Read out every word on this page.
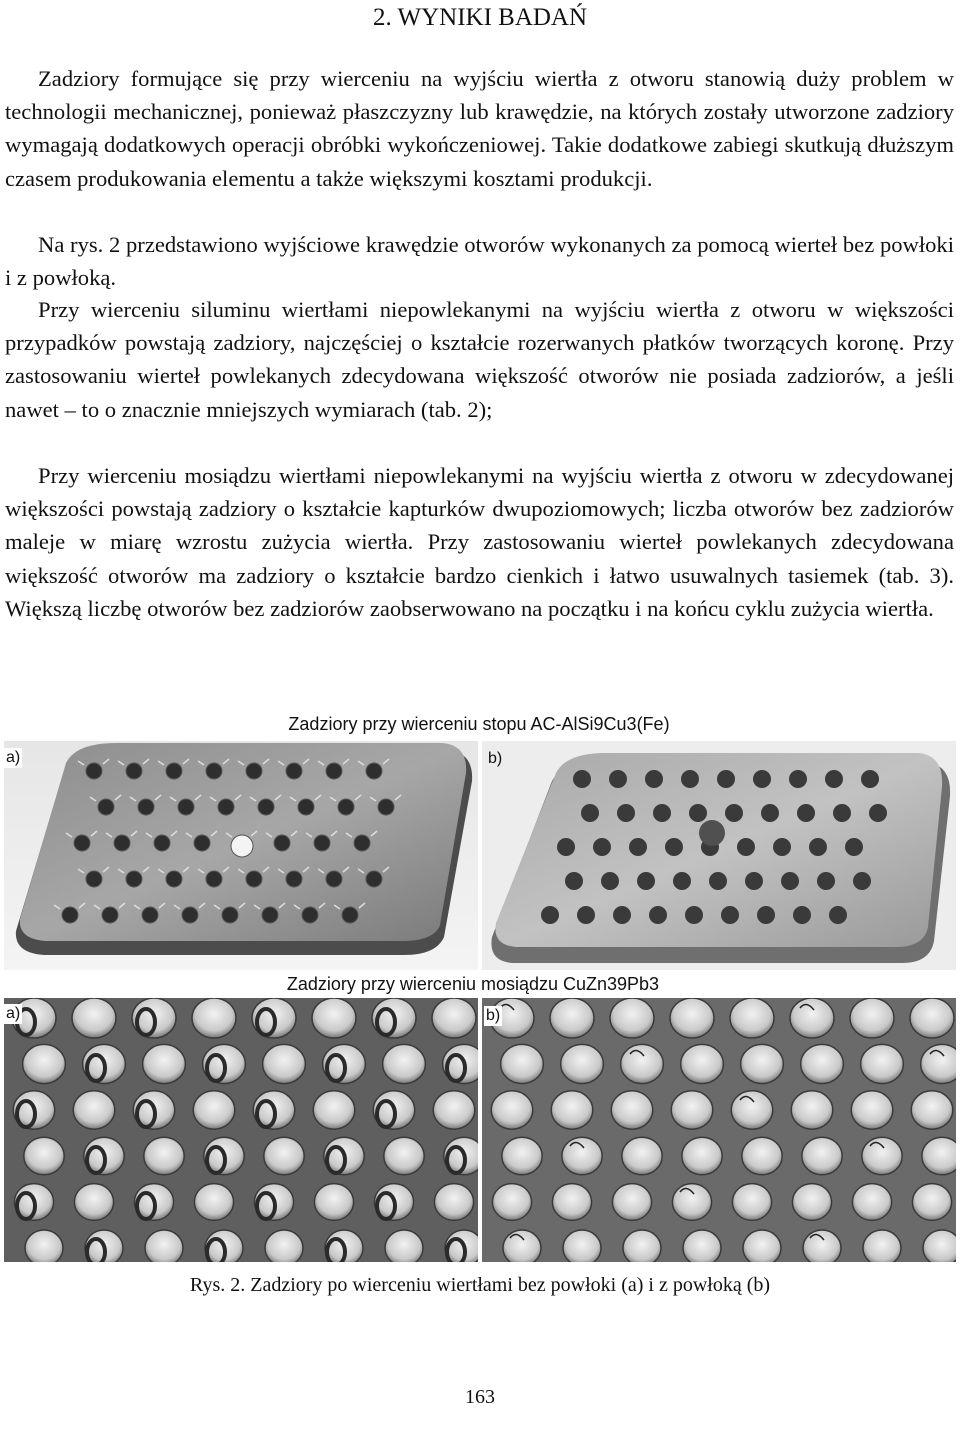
2. WYNIKI BADAŃ

Zadziory formujące się przy wierceniu na wyjściu wiertła z otworu stanowią duży problem w technologii mechanicznej, ponieważ płaszczyzny lub krawędzie, na których zostały utworzone zadziory wymagają dodatkowych operacji obróbki wykończeniowej. Takie dodatkowe zabiegi skutkują dłuższym czasem produkowania elementu a także większymi kosztami produkcji.

Na rys. 2 przedstawiono wyjściowe krawędzie otworów wykonanych za pomocą wierteł bez powłoki i z powłoką.

Przy wierceniu siluminu wiertłami niepowlekanymi na wyjściu wiertła z otworu w większości przypadków powstają zadziory, najczęściej o kształcie rozerwanych płatków tworzących koronę. Przy zastosowaniu wierteł powlekanych zdecydowana większość otworów nie posiada zadziorów, a jeśli nawet – to o znacznie mniejszych wymiarach (tab. 2);

Przy wierceniu mosiądzu wiertłami niepowlekanymi na wyjściu wiertła z otworu w zdecydowanej większości powstają zadziory o kształcie kapturków dwupoziomowych; liczba otworów bez zadziorów maleje w miarę wzrostu zużycia wiertła. Przy zastosowaniu wierteł powlekanych zdecydowana większość otworów ma zadziory o kształcie bardzo cienkich i łatwo usuwalnych tasiemek (tab. 3). Większą liczbę otworów bez zadziorów zaobserwowano na początku i na końcu cyklu zużycia wiertła.

Zadziory przy wierceniu stopu AC-AlSi9Cu3(Fe)
a)	b)
Zadziory przy wierceniu mosiądzu CuZn39Pb3
a)	b)
Rys. 2. Zadziory po wierceniu wiertłami bez powłoki (a) i z powłoką (b)
163
